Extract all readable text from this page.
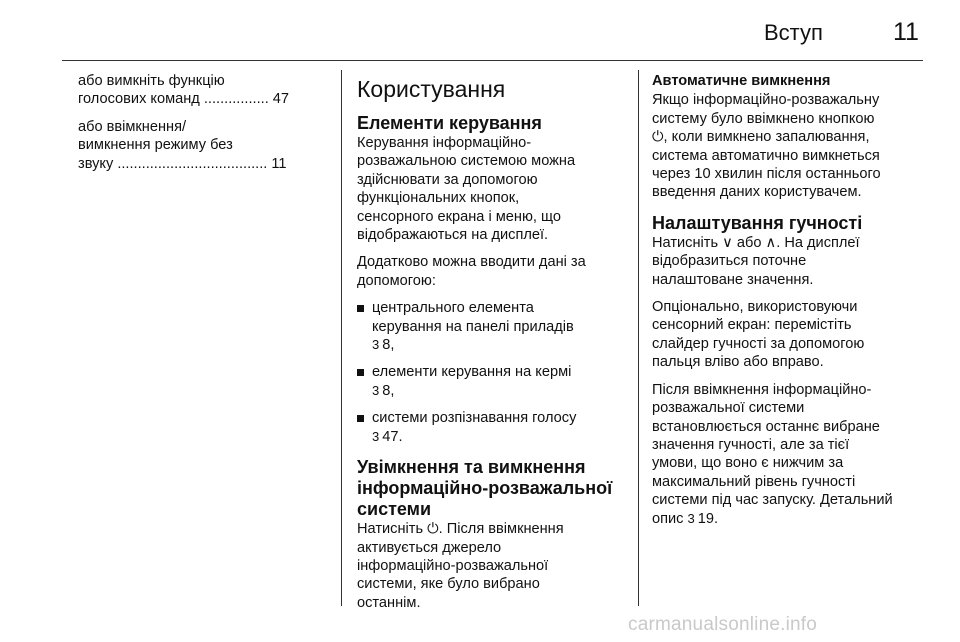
Вступ	11

або вимкніть функцію
голосових команд ................ 47

або ввімкнення/
вимкнення режиму без
звуку ..................................... 11

Користування
Елементи керування

Керування інформаційно-
розважальною системою можна
здійснювати за допомогою
функціональних кнопок,
сенсорного екрана і меню, що
відображаються на дисплеї.

Додатково можна вводити дані за
допомогою:

центрального елемента
керування на панелі приладів
3 8,
елементи керування на кермі
3 8,
системи розпізнавання голосу
3 47.
Увімкнення та вимкнення
інформаційно-розважальної
системи

Натисніть ⏻. Після ввімкнення
активується джерело
інформаційно-розважальної
системи, яке було вибрано
останнім.

Автоматичне вимкнення

Якщо інформаційно-розважальну
систему було ввімкнено кнопкою
⏻, коли вимкнено запалювання,
система автоматично вимкнеться
через 10 хвилин після останнього
введення даних користувачем.

Налаштування гучності

Натисніть ∨ або ∧. На дисплеї
відобразиться поточне
налаштоване значення.

Опціонально, використовуючи
сенсорний екран: перемістіть
слайдер гучності за допомогою
пальця вліво або вправо.

Після ввімкнення інформаційно-
розважальної системи
встановлюється останнє вибране
значення гучності, але за тієї
умови, що воно є нижчим за
максимальний рівень гучності
системи під час запуску. Детальний
опис 3 19.

carmanualsonline.info
